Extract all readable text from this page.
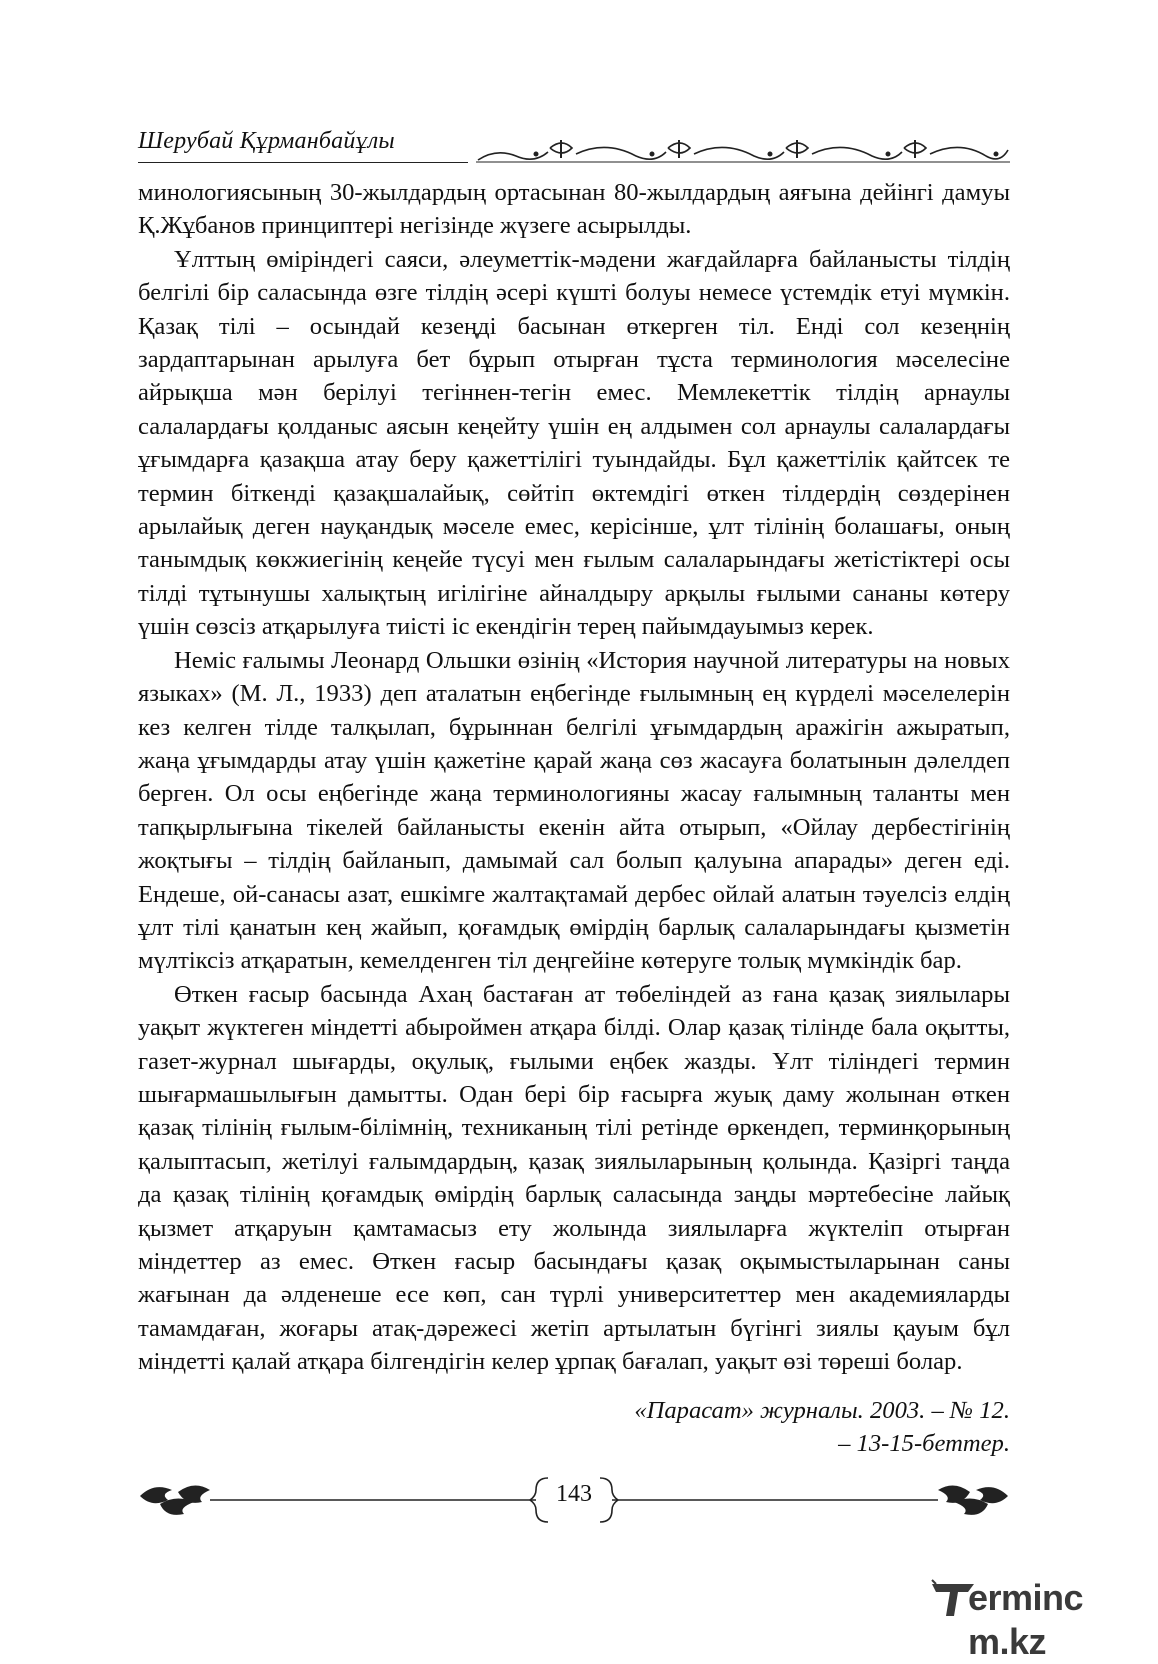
Шерубай Құрманбайұлы

минологиясының 30-жылдардың ортасынан 80-жылдардың аяғына дейінгі дамуы Қ.Жұбанов принциптері негізінде жүзеге асырылды.

Ұлттың өміріндегі саяси, әлеуметтік-мәдени жағдайларға байланысты тілдің белгілі бір саласында өзге тілдің әсері күшті болуы немесе үстемдік етуі мүмкін. Қазақ тілі – осындай кезеңді басынан өткерген тіл. Енді сол кезеңнің зардаптарынан арылуға бет бұрып отырған тұста терминология мәселесіне айрықша мән берілуі тегіннен-тегін емес. Мемлекеттік тілдің арнаулы салалардағы қолданыс аясын кеңейту үшін ең алдымен сол арнаулы салалардағы ұғымдарға қазақша атау беру қажеттілігі туындайды. Бұл қажеттілік қайтсек те термин біткенді қазақшалайық, сөйтіп өктемдігі өткен тілдердің сөздерінен арылайық деген науқандық мәселе емес, керісінше, ұлт тілінің болашағы, оның танымдық көкжиегінің кеңейе түсуі мен ғылым салаларындағы жетістіктері осы тілді тұтынушы халықтың игілігіне айналдыру арқылы ғылыми сананы көтеру үшін сөзсіз атқарылуға тиісті іс екендігін терең пайымдауымыз керек.

Неміс ғалымы Леонард Ольшки өзінің «История научной литературы на новых языках» (М. Л., 1933) деп аталатын еңбегінде ғылымның ең күрделі мәселелерін кез келген тілде талқылап, бұрыннан белгілі ұғымдардың аражігін ажыратып, жаңа ұғымдарды атау үшін қажетіне қарай жаңа сөз жасауға болатынын дәлелдеп берген. Ол осы еңбегінде жаңа терминологияны жасау ғалымның таланты мен тапқырлығына тікелей байланысты екенін айта отырып, «Ойлау дербестігінің жоқтығы – тілдің байланып, дамымай сал болып қалуына апарады» деген еді. Ендеше, ой-санасы азат, ешкімге жалтақтамай дербес ойлай алатын тәуелсіз елдің ұлт тілі қанатын кең жайып, қоғамдық өмірдің барлық салаларындағы қызметін мүлтіксіз атқаратын, кемелденген тіл деңгейіне көтеруге толық мүмкіндік бар.

Өткен ғасыр басында Ахаң бастаған ат төбеліндей аз ғана қазақ зиялылары уақыт жүктеген міндетті абыроймен атқара білді. Олар қазақ тілінде бала оқытты, газет-журнал шығарды, оқулық, ғылыми еңбек жазды. Ұлт тіліндегі термин шығармашылығын дамытты. Одан бері бір ғасырға жуық даму жолынан өткен қазақ тілінің ғылым-білімнің, техниканың тілі ретінде өркендеп, терминқорының қалыптасып, жетілуі ғалымдардың, қазақ зиялыларының қолында. Қазіргі таңда да қазақ тілінің қоғамдық өмірдің барлық саласында заңды мәртебесіне лайық қызмет атқаруын қамтамасыз ету жолында зиялыларға жүктеліп отырған міндеттер аз емес. Өткен ғасыр басындағы қазақ оқымыстыларынан саны жағынан да әлденеше есе көп, сан түрлі университеттер мен академияларды тамамдаған, жоғары атақ-дәрежесі жетіп артылатын бүгінгі зиялы қауым бұл міндетті қалай атқара білгендігін келер ұрпақ бағалап, уақыт өзі төреші болар.

«Парасат» журналы. 2003. – № 12.
– 13-15-беттер.
143
erminc m.kz
